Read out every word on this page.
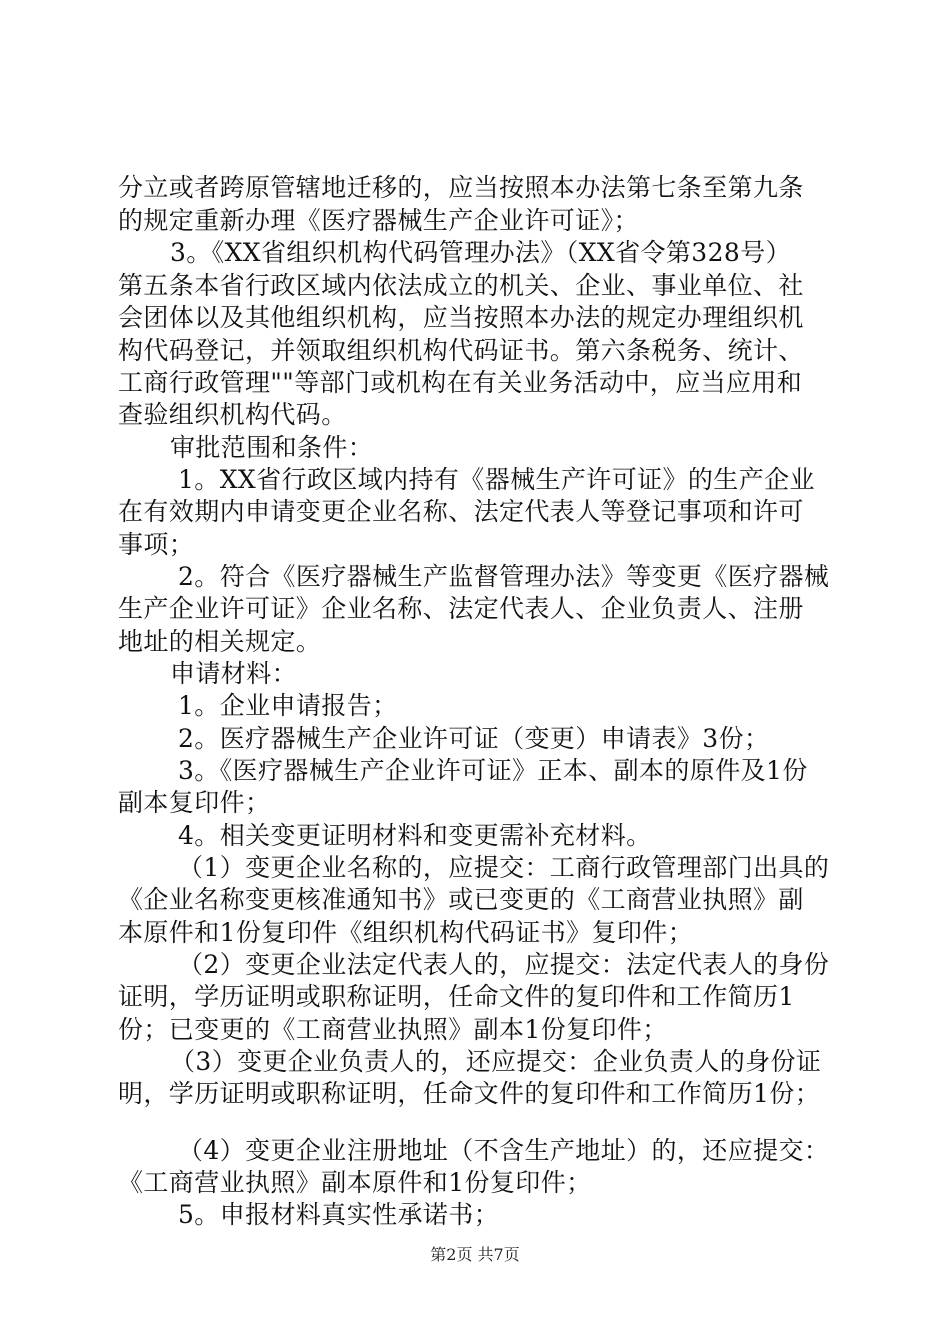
分立或者跨原管辖地迁移的，应当按照本办法第七条至第九条
的规定重新办理《医疗器械生产企业许可证》；
3。《XX省组织机构代码管理办法》（XX省令第328号）
第五条本省行政区域内依法成立的机关、企业、事业单位、社
会团体以及其他组织机构，应当按照本办法的规定办理组织机
构代码登记，并领取组织机构代码证书。第六条税务、统计、
工商行政管理""等部门或机构在有关业务活动中，应当应用和
查验组织机构代码。
审批范围和条件：
1。XX省行政区域内持有《器械生产许可证》的生产企业
在有效期内申请变更企业名称、法定代表人等登记事项和许可
事项；
2。符合《医疗器械生产监督管理办法》等变更《医疗器械
生产企业许可证》企业名称、法定代表人、企业负责人、注册
地址的相关规定。
申请材料：
1。企业申请报告；
2。医疗器械生产企业许可证（变更）申请表》3份；
3。《医疗器械生产企业许可证》正本、副本的原件及1份
副本复印件；
4。相关变更证明材料和变更需补充材料。
（1）变更企业名称的，应提交：工商行政管理部门出具的
《企业名称变更核准通知书》或已变更的《工商营业执照》副
本原件和1份复印件《组织机构代码证书》复印件；
（2）变更企业法定代表人的，应提交：法定代表人的身份
证明，学历证明或职称证明，任命文件的复印件和工作简历1
份；已变更的《工商营业执照》副本1份复印件；
（3）变更企业负责人的，还应提交：企业负责人的身份证
明，学历证明或职称证明，任命文件的复印件和工作简历1份；
（4）变更企业注册地址（不含生产地址）的，还应提交：
《工商营业执照》副本原件和1份复印件；
5。申报材料真实性承诺书；
第2页 共7页
